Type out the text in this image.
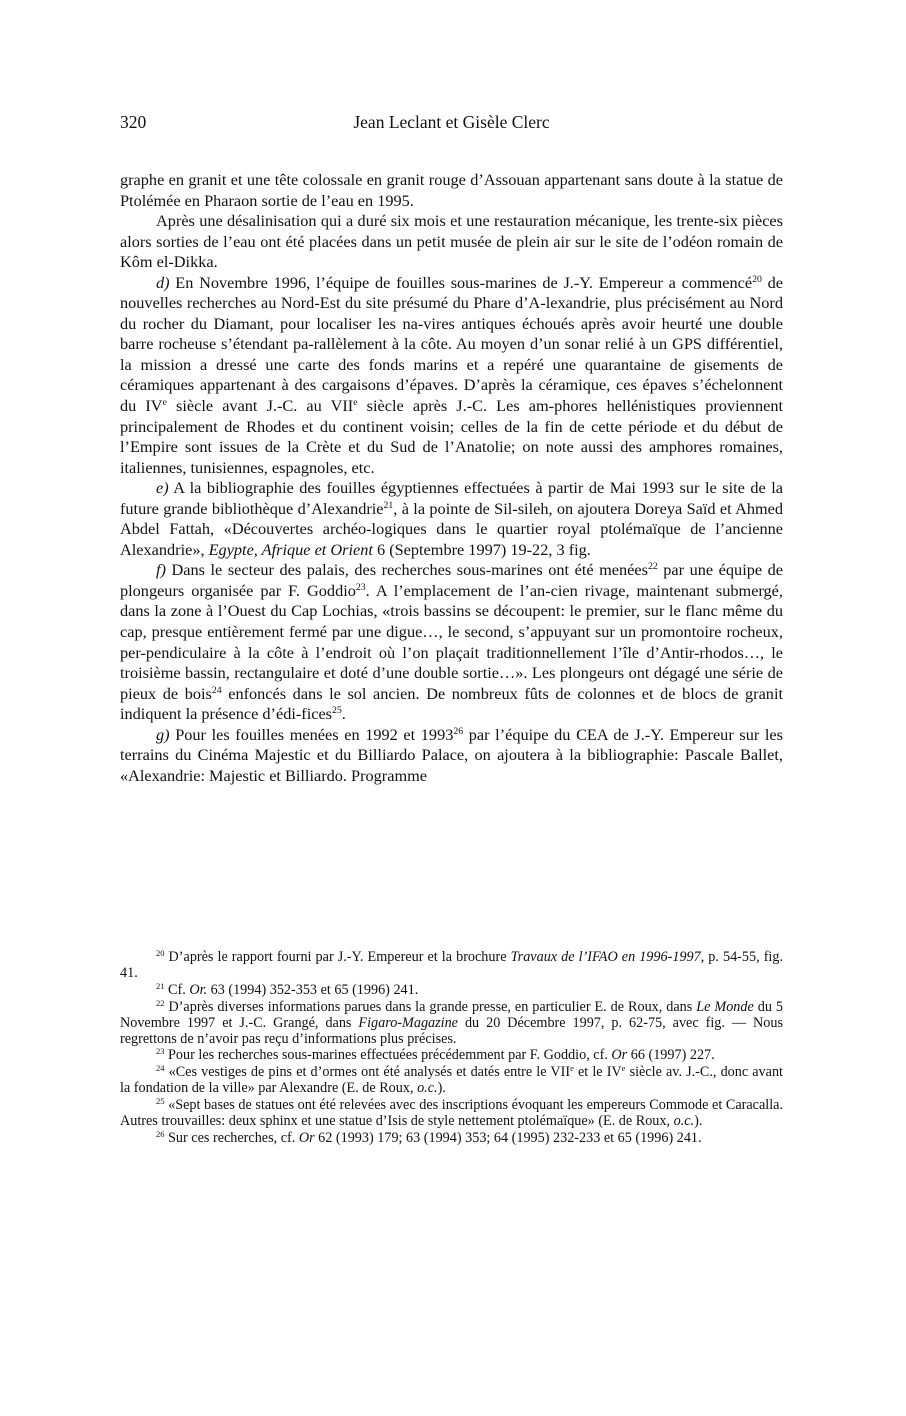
320	Jean Leclant et Gisèle Clerc

graphe en granit et une tête colossale en granit rouge d’Assouan appartenant sans doute à la statue de Ptolémée en Pharaon sortie de l’eau en 1995.

Après une désalinisation qui a duré six mois et une restauration mécanique, les trente-six pièces alors sorties de l’eau ont été placées dans un petit musée de plein air sur le site de l’odéon romain de Kôm el-Dikka.

d) En Novembre 1996, l’équipe de fouilles sous-marines de J.-Y. Empereur a commencé$^{20}$ de nouvelles recherches au Nord-Est du site présumé du Phare d’A-lexandrie, plus précisément au Nord du rocher du Diamant, pour localiser les na-vires antiques échoués après avoir heurté une double barre rocheuse s’étendant pa-rallèlement à la côte. Au moyen d’un sonar relié à un GPS différentiel, la mission a dressé une carte des fonds marins et a repéré une quarantaine de gisements de céramiques appartenant à des cargaisons d’épaves. D’après la céramique, ces épaves s’échelonnent du IVe siècle avant J.-C. au VIIe siècle après J.-C. Les am-phores hellénistiques proviennent principalement de Rhodes et du continent voisin; celles de la fin de cette période et du début de l’Empire sont issues de la Crète et du Sud de l’Anatolie; on note aussi des amphores romaines, italiennes, tunisiennes, espagnoles, etc.

e) A la bibliographie des fouilles égyptiennes effectuées à partir de Mai 1993 sur le site de la future grande bibliothèque d’Alexandrie$^{21}$, à la pointe de Sil-sileh, on ajoutera Doreya Saïd et Ahmed Abdel Fattah, «Découvertes archéo-logiques dans le quartier royal ptolémaïque de l’ancienne Alexandrie», Egypte, Afrique et Orient 6 (Septembre 1997) 19-22, 3 fig.

f) Dans le secteur des palais, des recherches sous-marines ont été menées$^{22}$ par une équipe de plongeurs organisée par F. Goddio$^{23}$. A l’emplacement de l’an-cien rivage, maintenant submergé, dans la zone à l’Ouest du Cap Lochias, «trois bassins se découpent: le premier, sur le flanc même du cap, presque entièrement fermé par une digue…, le second, s’appuyant sur un promontoire rocheux, per-pendiculaire à la côte à l’endroit où l’on plaçait traditionnellement l’île d’Antir-rhodos…, le troisième bassin, rectangulaire et doté d’une double sortie…». Les plongeurs ont dégagé une série de pieux de bois$^{24}$ enfoncés dans le sol ancien. De nombreux fûts de colonnes et de blocs de granit indiquent la présence d’édi-fices$^{25}$.

g) Pour les fouilles menées en 1992 et 1993$^{26}$ par l’équipe du CEA de J.-Y. Empereur sur les terrains du Cinéma Majestic et du Billiardo Palace, on ajoutera à la bibliographie: Pascale Ballet, «Alexandrie: Majestic et Billiardo. Programme

$^{20}$ D’après le rapport fourni par J.-Y. Empereur et la brochure Travaux de l’IFAO en 1996-1997, p. 54-55, fig. 41.

$^{21}$ Cf. Or. 63 (1994) 352-353 et 65 (1996) 241.

$^{22}$ D’après diverses informations parues dans la grande presse, en particulier E. de Roux, dans Le Monde du 5 Novembre 1997 et J.-C. Grangé, dans Figaro-Magazine du 20 Décembre 1997, p. 62-75, avec fig. — Nous regrettons de n’avoir pas reçu d’informations plus précises.

$^{23}$ Pour les recherches sous-marines effectuées précédemment par F. Goddio, cf. Or 66 (1997) 227.

$^{24}$ «Ces vestiges de pins et d’ormes ont été analysés et datés entre le VIIe et le IVe siècle av. J.-C., donc avant la fondation de la ville» par Alexandre (E. de Roux, o.c.).

$^{25}$ «Sept bases de statues ont été relevées avec des inscriptions évoquant les empereurs Commode et Caracalla. Autres trouvailles: deux sphinx et une statue d’Isis de style nettement ptolémaïque» (E. de Roux, o.c.).

$^{26}$ Sur ces recherches, cf. Or 62 (1993) 179; 63 (1994) 353; 64 (1995) 232-233 et 65 (1996) 241.
